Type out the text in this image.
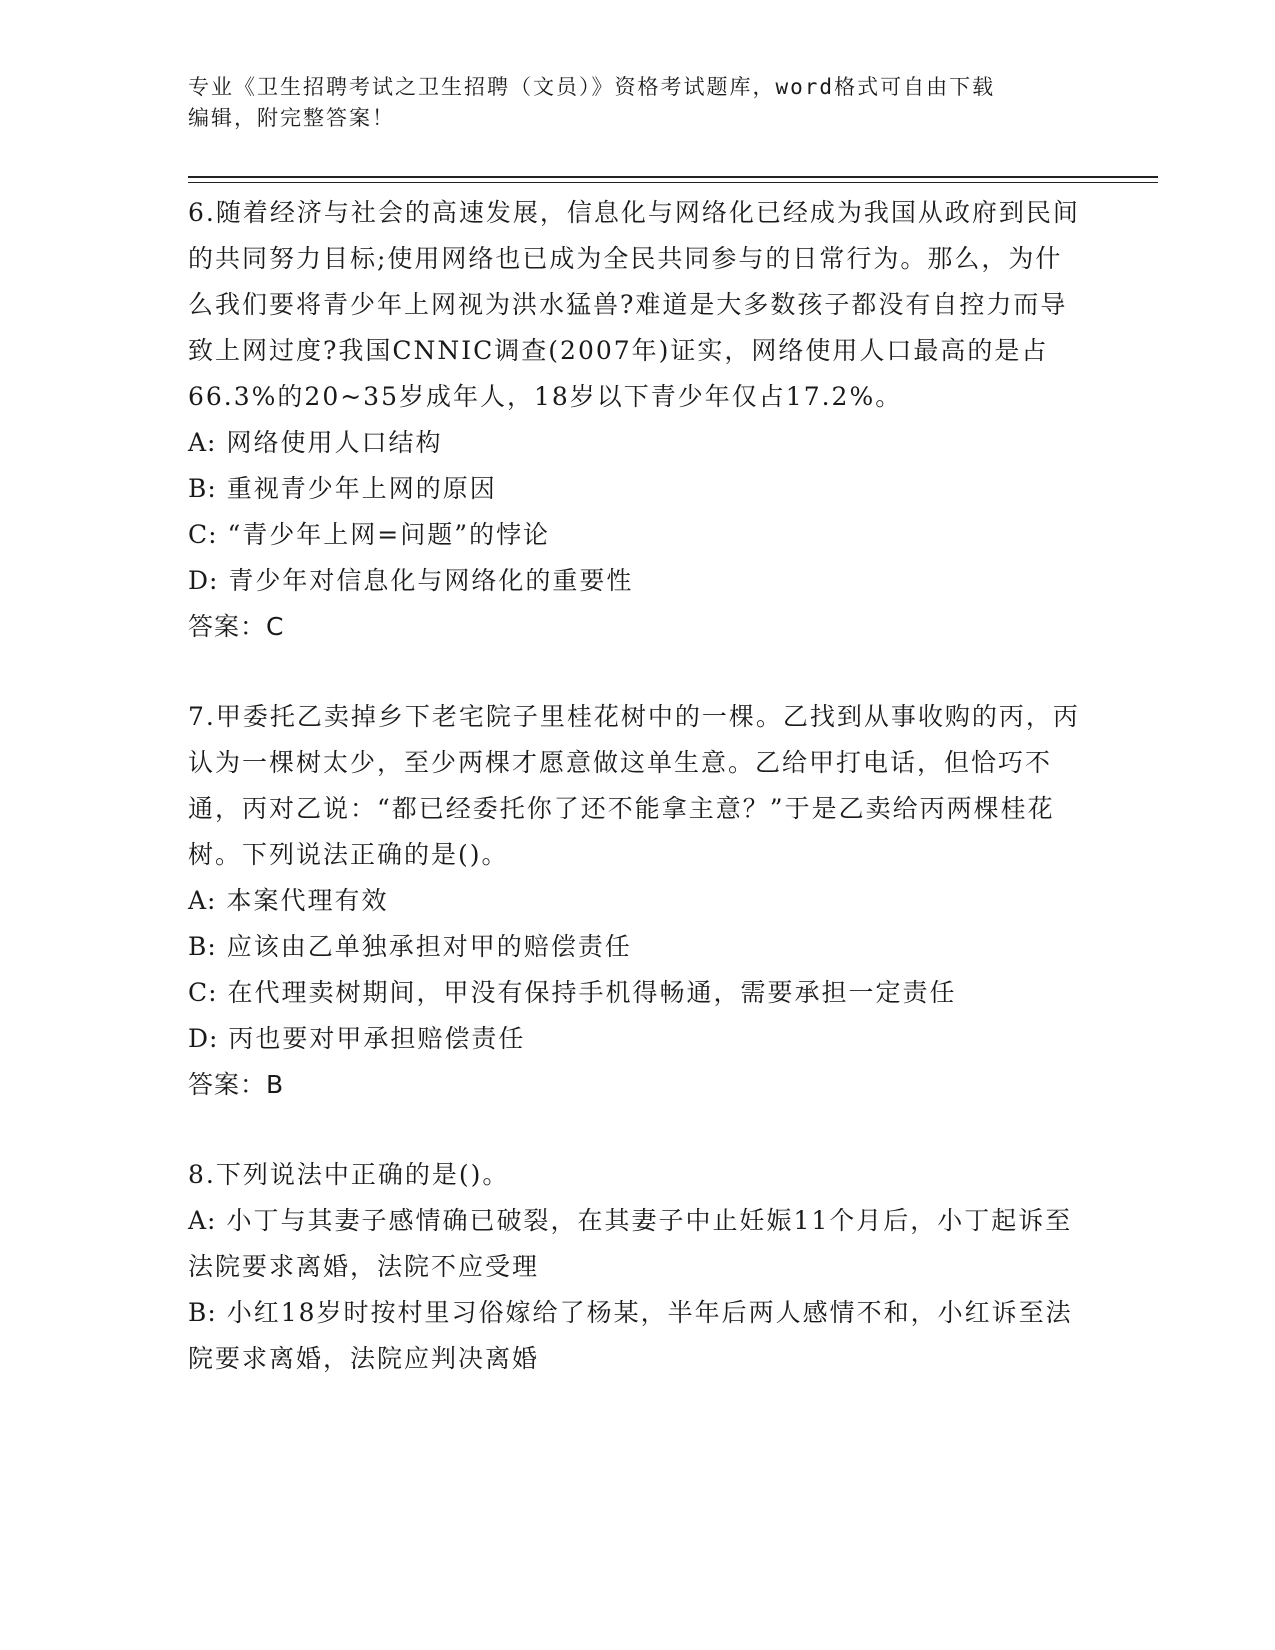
专业《卫生招聘考试之卫生招聘（文员）》资格考试题库，word格式可自由下载
编辑，附完整答案！

6.随着经济与社会的高速发展，信息化与网络化已经成为我国从政府到民间的共同努力目标;使用网络也已成为全民共同参与的日常行为。那么，为什么我们要将青少年上网视为洪水猛兽?难道是大多数孩子都没有自控力而导致上网过度?我国CNNIC调查(2007年)证实，网络使用人口最高的是占66.3%的20~35岁成年人，18岁以下青少年仅占17.2%。

A: 网络使用人口结构
B: 重视青少年上网的原因
C: “青少年上网=问题”的悖论
D: 青少年对信息化与网络化的重要性

答案：C

7.甲委托乙卖掉乡下老宅院子里桂花树中的一棵。乙找到从事收购的丙，丙认为一棵树太少，至少两棵才愿意做这单生意。乙给甲打电话，但恰巧不通，丙对乙说：“都已经委托你了还不能拿主意？”于是乙卖给丙两棵桂花树。下列说法正确的是()。

A: 本案代理有效
B: 应该由乙单独承担对甲的赔偿责任
C: 在代理卖树期间，甲没有保持手机得畅通，需要承担一定责任
D: 丙也要对甲承担赔偿责任

答案：B

8.下列说法中正确的是()。

A: 小丁与其妻子感情确已破裂，在其妻子中止妊娠11个月后，小丁起诉至法院要求离婚，法院不应受理
B: 小红18岁时按村里习俗嫁给了杨某，半年后两人感情不和，小红诉至法院要求离婚，法院应判决离婚
